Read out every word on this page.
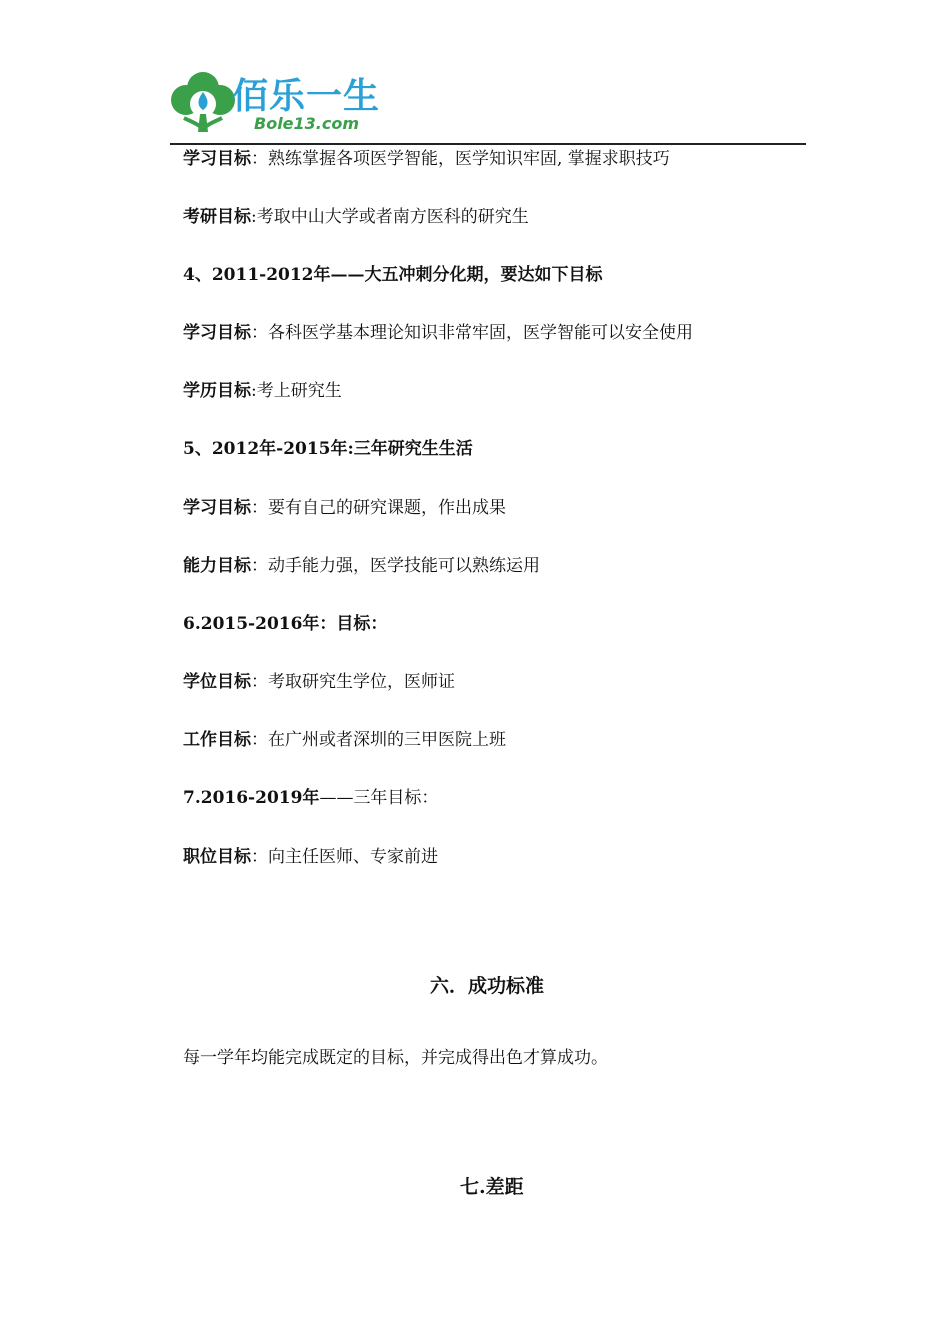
佰乐一生
Bole13.com
学习目标：熟练掌握各项医学智能，医学知识牢固, 掌握求职技巧
考研目标:考取中山大学或者南方医科的研究生
4、2011-2012年——大五冲刺分化期，要达如下目标
学习目标：各科医学基本理论知识非常牢固，医学智能可以安全使用
学历目标:考上研究生
5、2012年-2015年:三年研究生生活
学习目标：要有自己的研究课题，作出成果
能力目标：动手能力强，医学技能可以熟练运用
6.2015-2016年：目标：
学位目标：考取研究生学位，医师证
工作目标：在广州或者深圳的三甲医院上班
7.2016-2019年——三年目标：
职位目标：向主任医师、专家前进
六．成功标准
每一学年均能完成既定的目标，并完成得出色才算成功。
七.差距
